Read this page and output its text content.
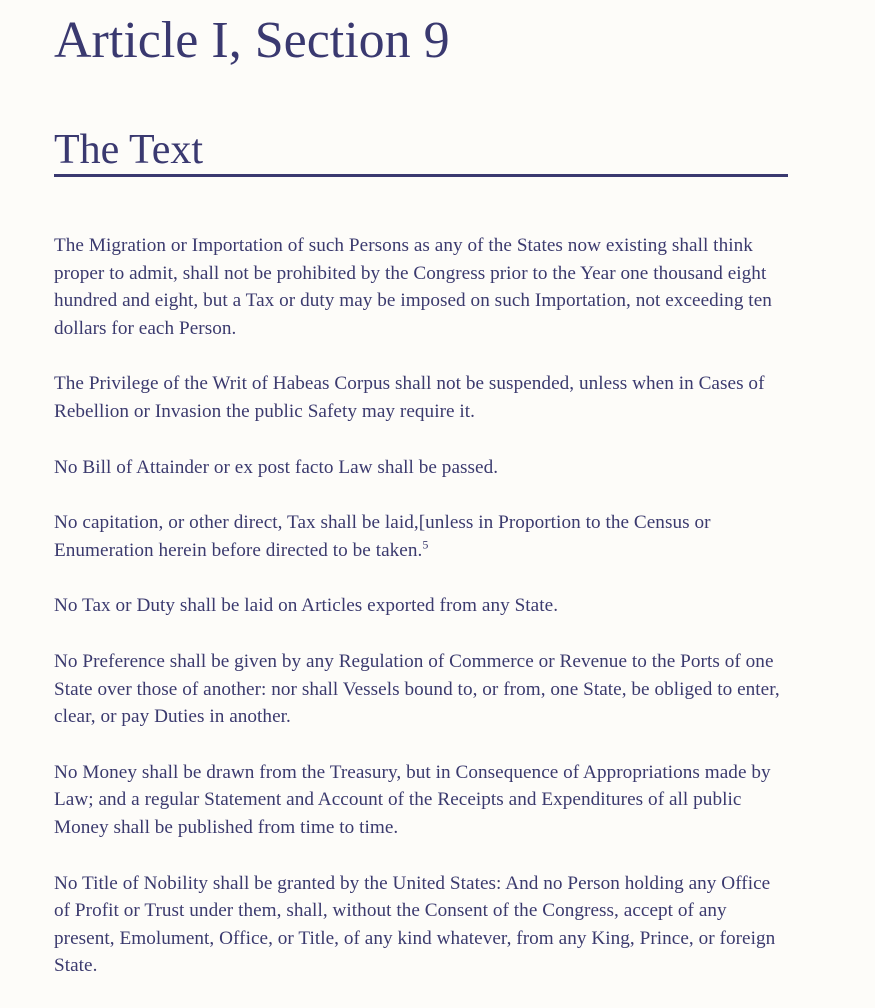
Article I, Section 9
The Text

The Migration or Importation of such Persons as any of the States now existing shall think proper to admit, shall not be prohibited by the Congress prior to the Year one thousand eight hundred and eight, but a Tax or duty may be imposed on such Importation, not exceeding ten dollars for each Person.

The Privilege of the Writ of Habeas Corpus shall not be suspended, unless when in Cases of Rebellion or Invasion the public Safety may require it.

No Bill of Attainder or ex post facto Law shall be passed.

No capitation, or other direct, Tax shall be laid,[unless in Proportion to the Census or Enumeration herein before directed to be taken.$^5$

No Tax or Duty shall be laid on Articles exported from any State.

No Preference shall be given by any Regulation of Commerce or Revenue to the Ports of one State over those of another: nor shall Vessels bound to, or from, one State, be obliged to enter, clear, or pay Duties in another.

No Money shall be drawn from the Treasury, but in Consequence of Appropriations made by Law; and a regular Statement and Account of the Receipts and Expenditures of all public Money shall be published from time to time.

No Title of Nobility shall be granted by the United States: And no Person holding any Office of Profit or Trust under them, shall, without the Consent of the Congress, accept of any present, Emolument, Office, or Title, of any kind whatever, from any King, Prince, or foreign State.
